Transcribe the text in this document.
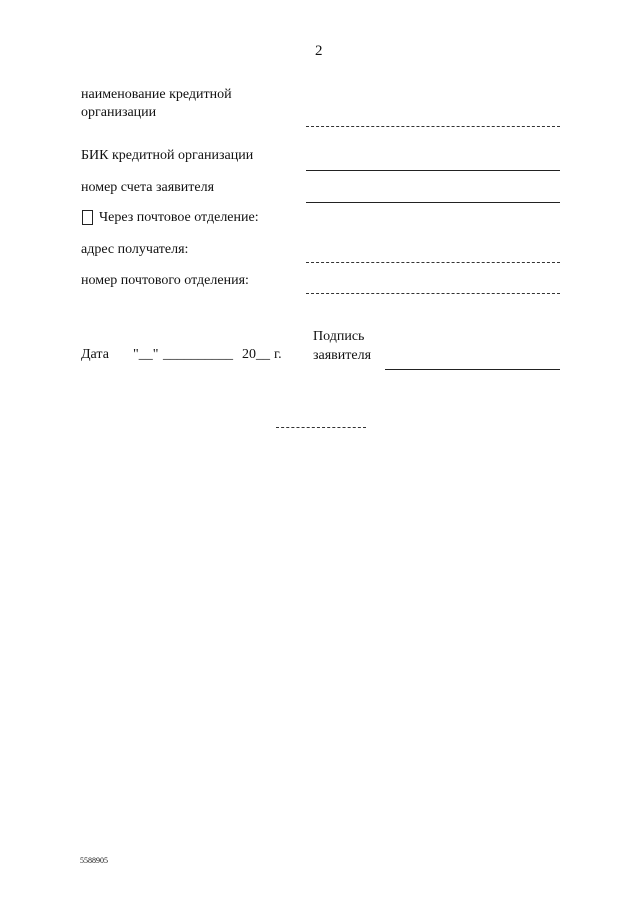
2
наименование кредитной
организации
БИК кредитной организации
номер счета заявителя
Через почтовое отделение:
адрес получателя:
номер почтового отделения:
Дата "__" __________ 20__ г.
Подпись
заявителя
5588905
